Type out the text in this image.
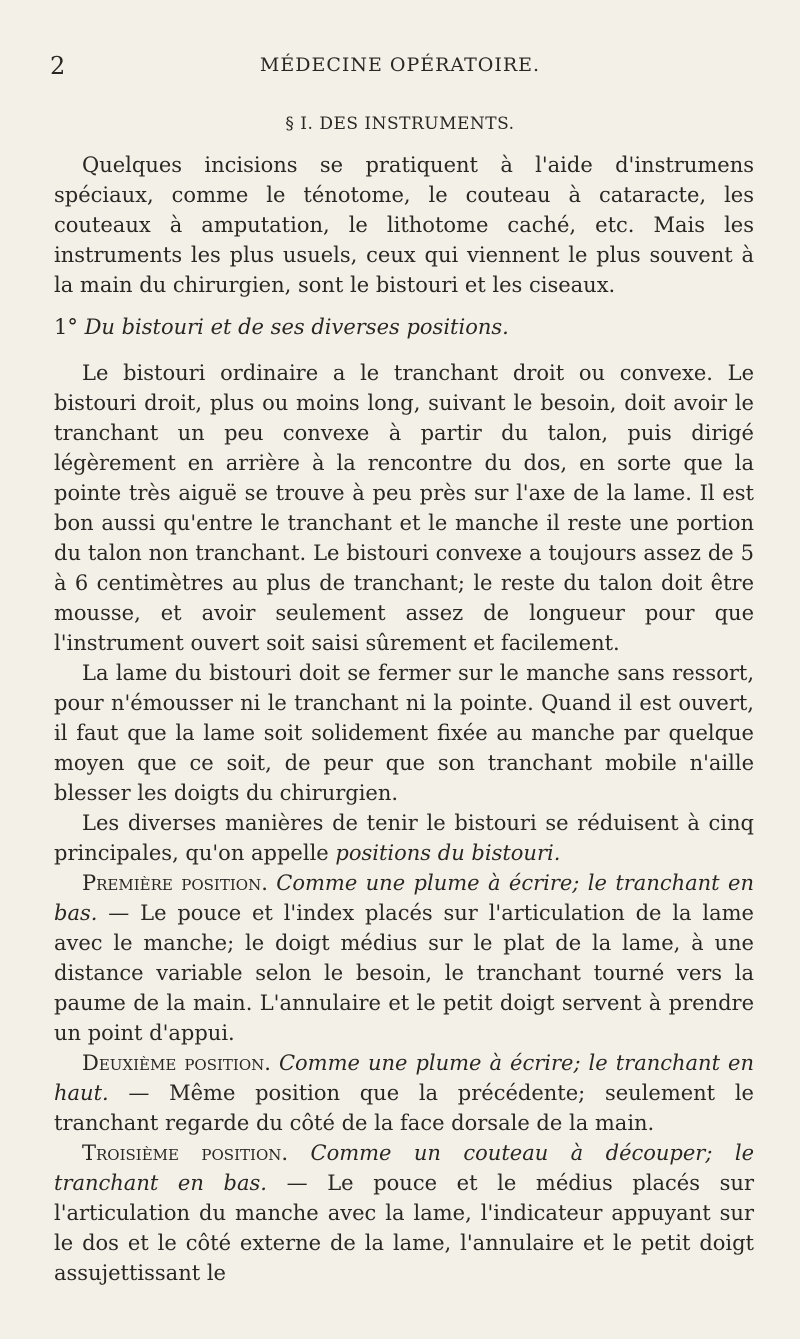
2	MÉDECINE OPÉRATOIRE.
§ I. DES INSTRUMENTS.

Quelques incisions se pratiquent à l'aide d'instrumens spéciaux, comme le ténotome, le couteau à cataracte, les couteaux à amputation, le lithotome caché, etc. Mais les instruments les plus usuels, ceux qui viennent le plus souvent à la main du chirurgien, sont le bistouri et les ciseaux.

1° Du bistouri et de ses diverses positions.

Le bistouri ordinaire a le tranchant droit ou convexe. Le bistouri droit, plus ou moins long, suivant le besoin, doit avoir le tranchant un peu convexe à partir du talon, puis dirigé légèrement en arrière à la rencontre du dos, en sorte que la pointe très aiguë se trouve à peu près sur l'axe de la lame. Il est bon aussi qu'entre le tranchant et le manche il reste une portion du talon non tranchant. Le bistouri convexe a toujours assez de 5 à 6 centimètres au plus de tranchant; le reste du talon doit être mousse, et avoir seulement assez de longueur pour que l'instrument ouvert soit saisi sûrement et facilement.

La lame du bistouri doit se fermer sur le manche sans ressort, pour n'émousser ni le tranchant ni la pointe. Quand il est ouvert, il faut que la lame soit solidement fixée au manche par quelque moyen que ce soit, de peur que son tranchant mobile n'aille blesser les doigts du chirurgien.

Les diverses manières de tenir le bistouri se réduisent à cinq principales, qu'on appelle positions du bistouri.

Première position. Comme une plume à écrire; le tranchant en bas. — Le pouce et l'index placés sur l'articulation de la lame avec le manche; le doigt médius sur le plat de la lame, à une distance variable selon le besoin, le tranchant tourné vers la paume de la main. L'annulaire et le petit doigt servent à prendre un point d'appui.

Deuxième position. Comme une plume à écrire; le tranchant en haut. — Même position que la précédente; seulement le tranchant regarde du côté de la face dorsale de la main.

Troisième position. Comme un couteau à découper; le tranchant en bas. — Le pouce et le médius placés sur l'articulation du manche avec la lame, l'indicateur appuyant sur le dos et le côté externe de la lame, l'annulaire et le petit doigt assujettissant le
